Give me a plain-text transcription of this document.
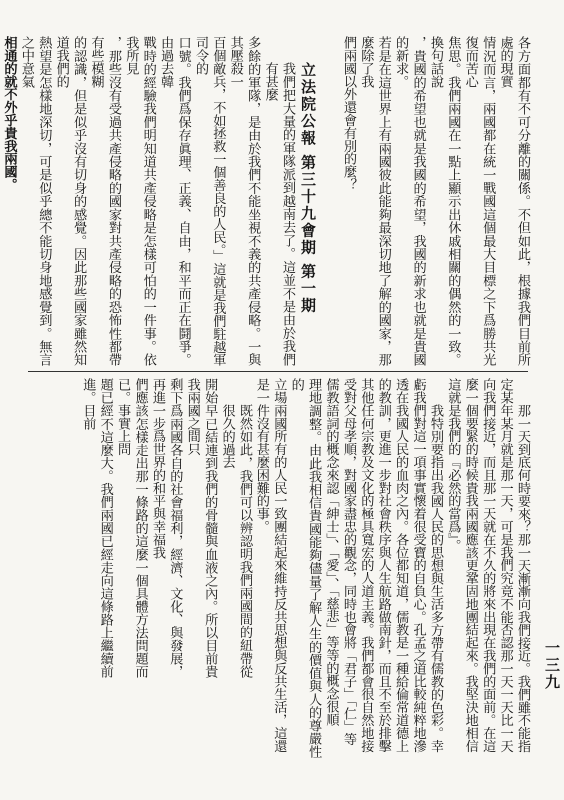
立法院公報 第三十九會期 第一期
一三九
各方面都有不可分離的關係。不但如此，根據我們目前所處的現實
情況而言，兩國都在統一戰國這個最大目標之下爲勝共光復而苦心
焦思。我們兩國在一點上顯示出休戚相關的偶然的一致。換句話說
，貴國的希望也就是我國的希望，我國的新求也就是貴國的新求。
若是在這世界上有兩國彼此能夠最深切地了解的國家，那麼除了我
們兩國以外還會有別的麼？
我們把大量的軍隊派到越南去了。這並不是由於我們有甚麼
多餘的軍隊，是由於我們不能坐視不義的共產侵略。一與其壓殺一
百個敵兵，不如拯救一個善良的人民。」這就是我們駐越軍司令的
口號。我們爲保存眞理、正義、自由，和平而正在鬪爭。由過去韓
戰時的經驗我們明知道共產侵略是怎樣可怕的一件事。依我所見
，那些沒有受過共產侵略的國家對共產侵略的恐怖性都帶有些模糊
的認識，但是似乎沒有切身的感覺。因此那些國家雖然知道我們的
熱望是怎樣地深切，可是似乎總不能切身地感覺到。無言之中意氣
相通的就不外乎貴我兩國。
那一天到底何時要來？那一天漸漸向我們接近。我們雖不能指
定某年某月就是那一天，可是我們究竟不能否認那一天一天比一天
向我們接近，而且那一天就在不久的將來出現在我們的面前。在這
麼一個要緊的時候貴我兩國應該更鞏固地團結起來。我堅決地相信
這就是我們的『必然的當爲』。
我特別要指出我國人民的思想與生活多方帶有儒教的色彩。幸
虧我們對這一項事實懷着很受寶的自負心。孔孟之道比較純粹地滲
透在我國人民的血肉之內。各位都知道，儒教是一種給倫常道德上
的教訓，更進一步對社會秩序與人生航路做南針，而且不至於排擊
其他任何宗教及文化的極具寬宏的人道主義。我們都會很自然地接
受對父母孝順，對國家盡忠的觀念，同時也會將「君子」「仁」等
儒教語詞的概念來認「紳士」、「愛」、「慈悲」等等的概念很順
理地調整。由此我相信貴國能夠儘量了解人生的價值與人的尊嚴性的
立場兩國所有的人民一致團結起來維持反共思想與反共生活，這還
是一件沒有甚麼困難的事。
既然如此，我們可以辨認明我們兩國間的紐帶從很久的過去
開始早已結連到我們的骨髓與血液之內。所以目前貴我兩國之間只
剩下爲兩國各自的社會福利，經濟、文化、與發展，再進一步爲世界的和平與幸福我
們應該怎樣走出那一條路的這麼一個具體方法問題而已。事實上問
題已經不這麼大。我們兩國已經走向這條路上繼續前進。目前
